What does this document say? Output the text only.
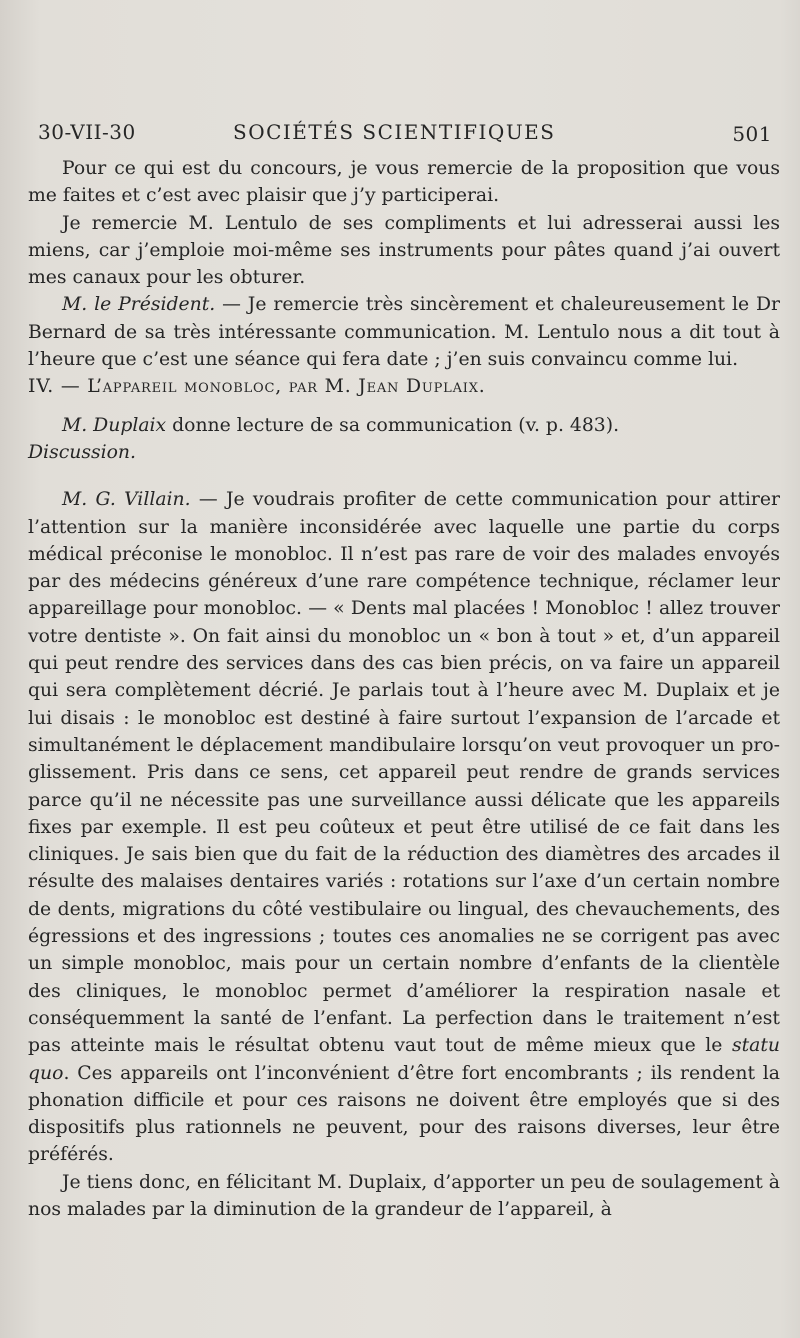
30-VII-30	SOCIÉTÉS SCIENTIFIQUES	501

Pour ce qui est du concours, je vous remercie de la proposition que vous me faites et c’est avec plaisir que j’y participerai.

Je remercie M. Lentulo de ses compliments et lui adresserai aussi les miens, car j’emploie moi-même ses instruments pour pâtes quand j’ai ouvert mes canaux pour les obturer.

M. le Président. — Je remercie très sincèrement et chaleureusement le Dr Bernard de sa très intéressante communication. M. Lentulo nous a dit tout à l’heure que c’est une séance qui fera date ; j’en suis convaincu comme lui.

IV. — L’appareil monobloc, par M. Jean Duplaix.

M. Duplaix donne lecture de sa communication (v. p. 483).

Discussion.

M. G. Villain. — Je voudrais profiter de cette communication pour attirer l’attention sur la manière inconsidérée avec laquelle une partie du corps médical préconise le monobloc. Il n’est pas rare de voir des malades envoyés par des médecins généreux d’une rare compétence technique, réclamer leur appareillage pour monobloc. — « Dents mal placées ! Monobloc ! allez trouver votre dentiste ». On fait ainsi du monobloc un « bon à tout » et, d’un appareil qui peut rendre des services dans des cas bien précis, on va faire un appareil qui sera complètement décrié. Je parlais tout à l’heure avec M. Duplaix et je lui disais : le monobloc est destiné à faire surtout l’expansion de l’arcade et simultanément le déplacement mandibulaire lorsqu’on veut provoquer un pro-glissement. Pris dans ce sens, cet appareil peut rendre de grands services parce qu’il ne nécessite pas une surveillance aussi délicate que les appareils fixes par exemple. Il est peu coûteux et peut être utilisé de ce fait dans les cliniques. Je sais bien que du fait de la réduction des diamètres des arcades il résulte des malaises dentaires variés : rotations sur l’axe d’un certain nombre de dents, migrations du côté vestibulaire ou lingual, des chevauchements, des égressions et des ingressions ; toutes ces anomalies ne se corrigent pas avec un simple monobloc, mais pour un certain nombre d’enfants de la clientèle des cliniques, le monobloc permet d’améliorer la respiration nasale et conséquemment la santé de l’enfant. La perfection dans le traitement n’est pas atteinte mais le résultat obtenu vaut tout de même mieux que le statu quo. Ces appareils ont l’inconvénient d’être fort encombrants ; ils rendent la phonation difficile et pour ces raisons ne doivent être employés que si des dispositifs plus rationnels ne peuvent, pour des raisons diverses, leur être préférés.

Je tiens donc, en félicitant M. Duplaix, d’apporter un peu de soulagement à nos malades par la diminution de la grandeur de l’appareil, à
